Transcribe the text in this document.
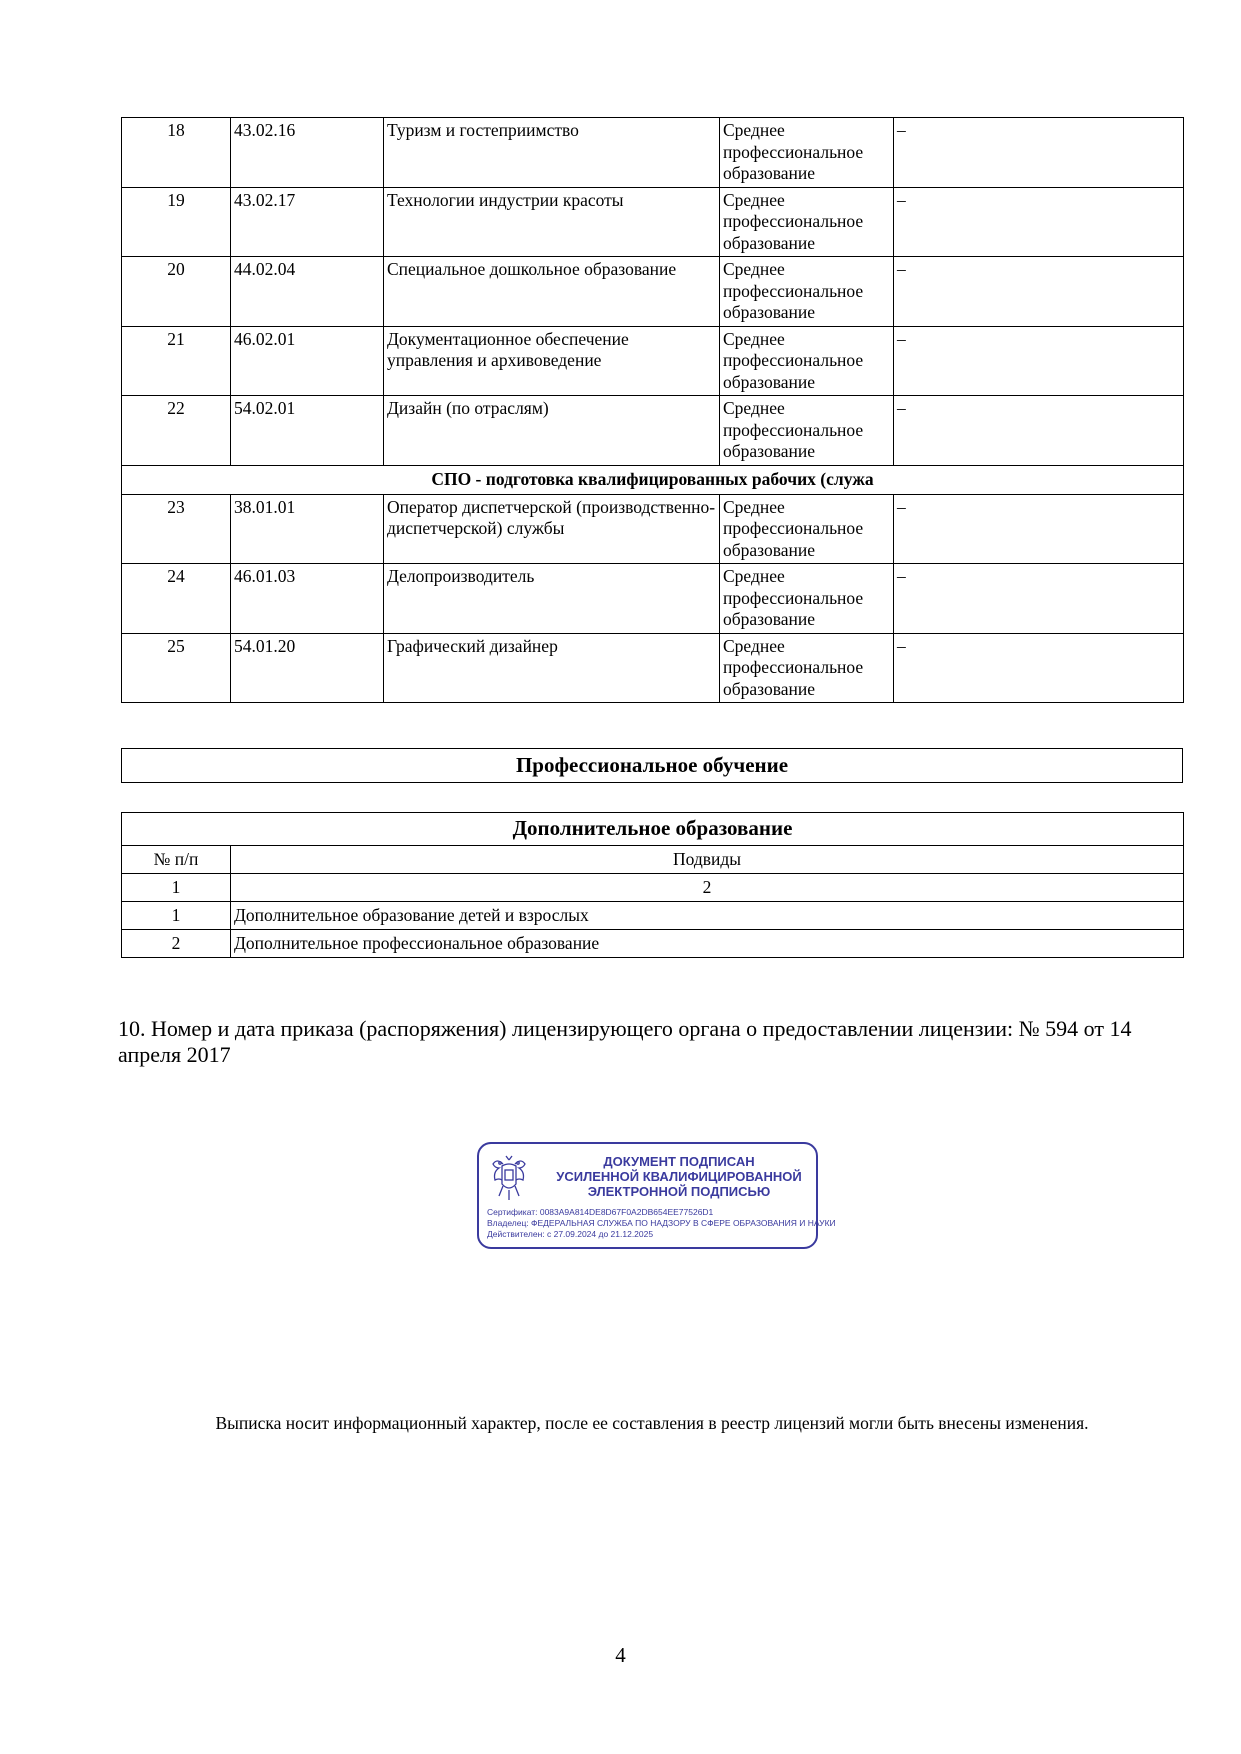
18	43.02.16	Туризм и гостеприимство	Среднее профессиональное образование	–
19	43.02.17	Технологии индустрии красоты	Среднее профессиональное образование	–
20	44.02.04	Специальное дошкольное образование	Среднее профессиональное образование	–
21	46.02.01	Документационное обеспечение управления и архивоведение	Среднее профессиональное образование	–
22	54.02.01	Дизайн (по отраслям)	Среднее профессиональное образование	–
СПО - подготовка квалифицированных рабочих (служа				
23	38.01.01	Оператор диспетчерской (производственно-диспетчерской) службы	Среднее профессиональное образование	–
24	46.01.03	Делопроизводитель	Среднее профессиональное образование	–
25	54.01.20	Графический дизайнер	Среднее профессиональное образование	–
Профессиональное обучение
Дополнительное образование	
№ п/п	Подвиды
1	2
1	Дополнительное образование детей и взрослых
2	Дополнительное профессиональное образование

10. Номер и дата приказа (распоряжения) лицензирующего органа о предоставлении лицензии: № 594 от 14 апреля 2017

ДОКУМЕНТ ПОДПИСАН
УСИЛЕННОЙ КВАЛИФИЦИРОВАННОЙ
ЭЛЕКТРОННОЙ ПОДПИСЬЮ

Сертификат: 0083A9A814DE8D67F0A2DB654EE77526D1

Владелец: ФЕДЕРАЛЬНАЯ СЛУЖБА ПО НАДЗОРУ В СФЕРЕ ОБРАЗОВАНИЯ И НАУКИ

Действителен: с 27.09.2024 до 21.12.2025

Выписка носит информационный характер, после ее составления в реестр лицензий могли быть внесены изменения.

4
